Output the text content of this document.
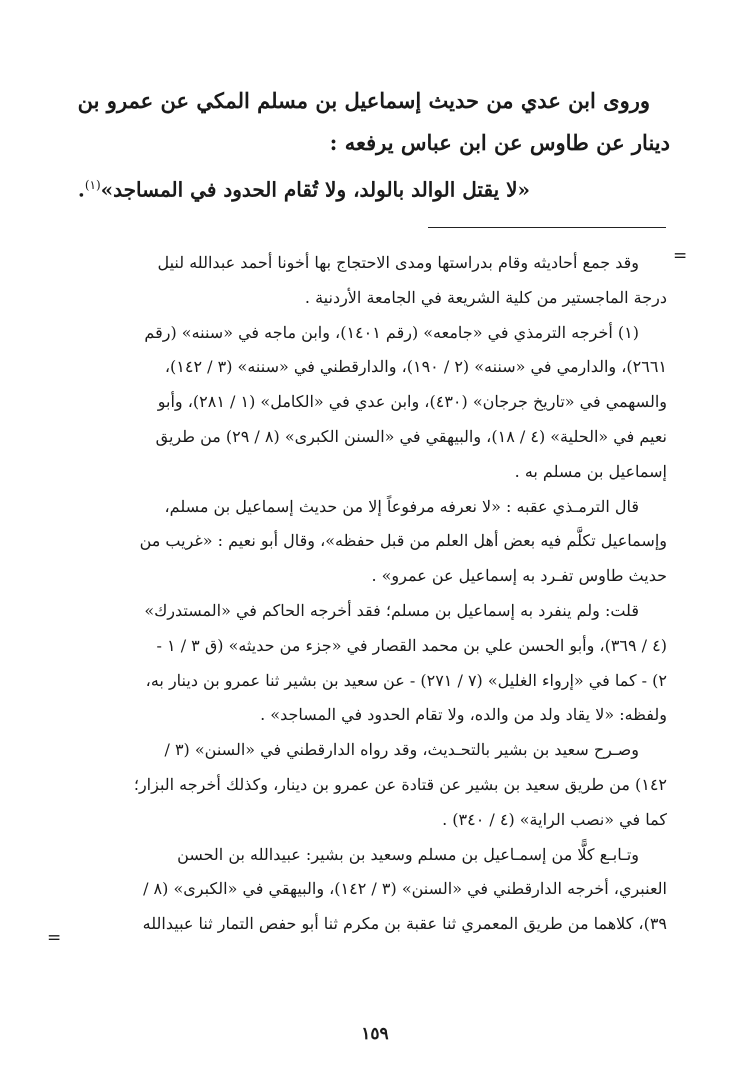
وروى ابن عدي من حديث إسماعيل بن مسلم المكي عن عمرو بن
دينار عن طاوس عن ابن عباس يرفعه :
«لا يقتل الوالد بالولد، ولا تُقام الحدود في المساجد»$^{(١)}$.
=
وقد جمع أحاديثه وقام بدراستها ومدى الاحتجاج بها أخونا أحمد عبدالله لنيل
درجة الماجستير من كلية الشريعة في الجامعة الأردنية .
(١) أخرجه الترمذي في «جامعه» (رقم ١٤٠١)، وابن ماجه في «سننه» (رقم
٢٦٦١)، والدارمي في «سننه» (٢ / ١٩٠)، والدارقطني في «سننه» (٣ / ١٤٢)،
والسهمي في «تاريخ جرجان» (٤٣٠)، وابن عدي في «الكامل» (١ / ٢٨١)، وأبو
نعيم في «الحلية» (٤ / ١٨)، والبيهقي في «السنن الكبرى» (٨ / ٢٩) من طريق
إسماعيل بن مسلم به .
قال الترمـذي عقبه : «لا نعرفه مرفوعاً إلا من حديث إسماعيل بن مسلم،
وإسماعيل تكلَّم فيه بعض أهل العلم من قبل حفظه»، وقال أبو نعيم : «غريب من
حديث طاوس تفـرد به إسماعيل عن عمرو» .
قلت: ولم ينفرد به إسماعيل بن مسلم؛ فقد أخرجه الحاكم في «المستدرك»
(٤ / ٣٦٩)، وأبو الحسن علي بن محمد القصار في «جزء من حديثه» (ق ٣ / ١ -
٢) - كما في «إرواء الغليل» (٧ / ٢٧١) - عن سعيد بن بشير ثنا عمرو بن دينار به،
ولفظه: «لا يقاد ولد من والده، ولا تقام الحدود في المساجد» .
وصـرح سعيد بن بشير بالتحـديث، وقد رواه الدارقطني في «السنن» (٣ /
١٤٢) من طريق سعيد بن بشير عن قتادة عن عمرو بن دينار، وكذلك أخرجه البزار؛
كما في «نصب الراية» (٤ / ٣٤٠) .
وتـابـع كلًّا من إسمـاعيل بن مسلم وسعيد بن بشير: عبيدالله بن الحسن
العنبري، أخرجه الدارقطني في «السنن» (٣ / ١٤٢)، والبيهقي في «الكبرى» (٨ /
٣٩)، كلاهما من طريق المعمري ثنا عقبة بن مكرم ثنا أبو حفص التمار ثنا عبيدالله
=
١٥٩
